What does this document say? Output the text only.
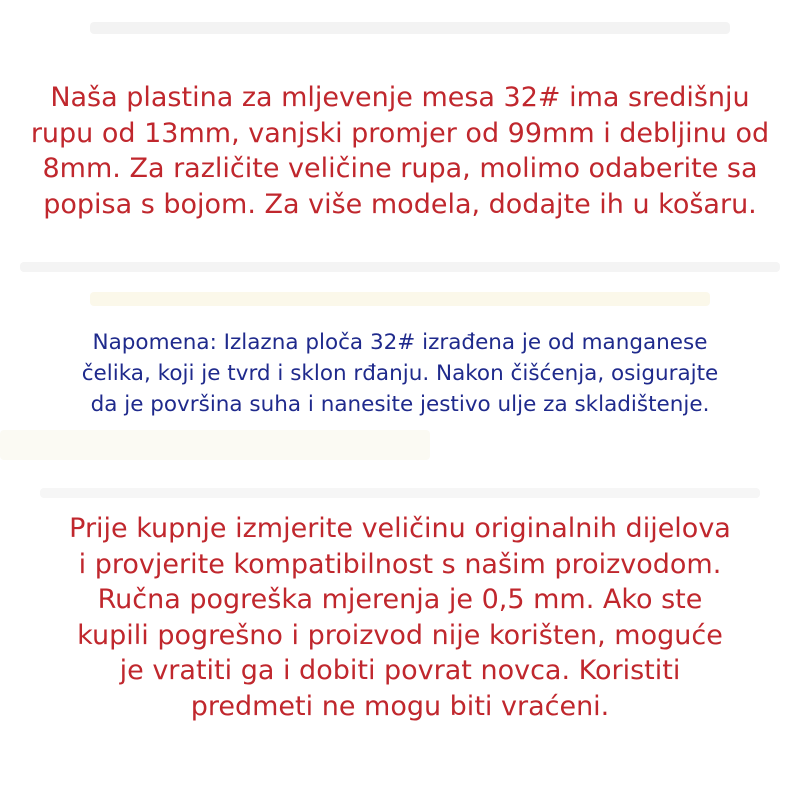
Naša plastina za mljevenje mesa 32# ima središnju
rupu od 13mm, vanjski promjer od 99mm i debljinu od
8mm. Za različite veličine rupa, molimo odaberite sa
popisa s bojom. Za više modela, dodajte ih u košaru.

Napomena: Izlazna ploča 32# izrađena je od manganese
čelika, koji je tvrd i sklon rđanju. Nakon čišćenja, osigurajte
da je površina suha i nanesite jestivo ulje za skladištenje.

Prije kupnje izmjerite veličinu originalnih dijelova
i provjerite kompatibilnost s našim proizvodom.
Ručna pogreška mjerenja je 0,5 mm. Ako ste
kupili pogrešno i proizvod nije korišten, moguće
je vratiti ga i dobiti povrat novca. Koristiti
predmeti ne mogu biti vraćeni.
